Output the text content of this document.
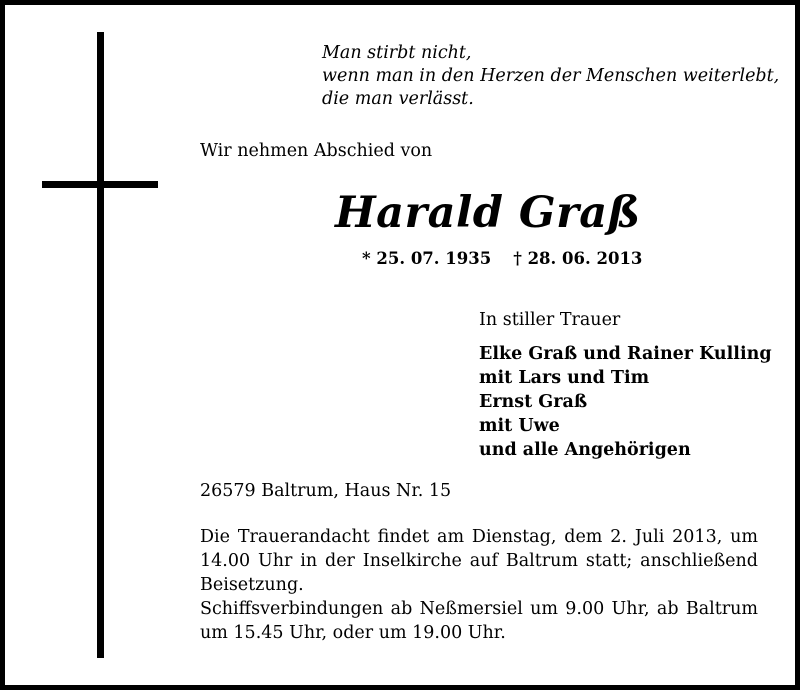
Man stirbt nicht,
wenn man in den Herzen der Menschen weiterlebt,
die man verlässt.
Wir nehmen Abschied von
Harald Graß
* 25. 07. 1935 † 28. 06. 2013
In stiller Trauer
Elke Graß und Rainer Kulling
mit Lars und Tim
Ernst Graß
mit Uwe
und alle Angehörigen
26579 Baltrum, Haus Nr. 15

Die Trauerandacht findet am Dienstag, dem 2. Juli 2013, um 14.00 Uhr in der Inselkirche auf Baltrum statt; anschließend Beisetzung.

Schiffsverbindungen ab Neßmersiel um 9.00 Uhr, ab Baltrum um 15.45 Uhr, oder um 19.00 Uhr.
